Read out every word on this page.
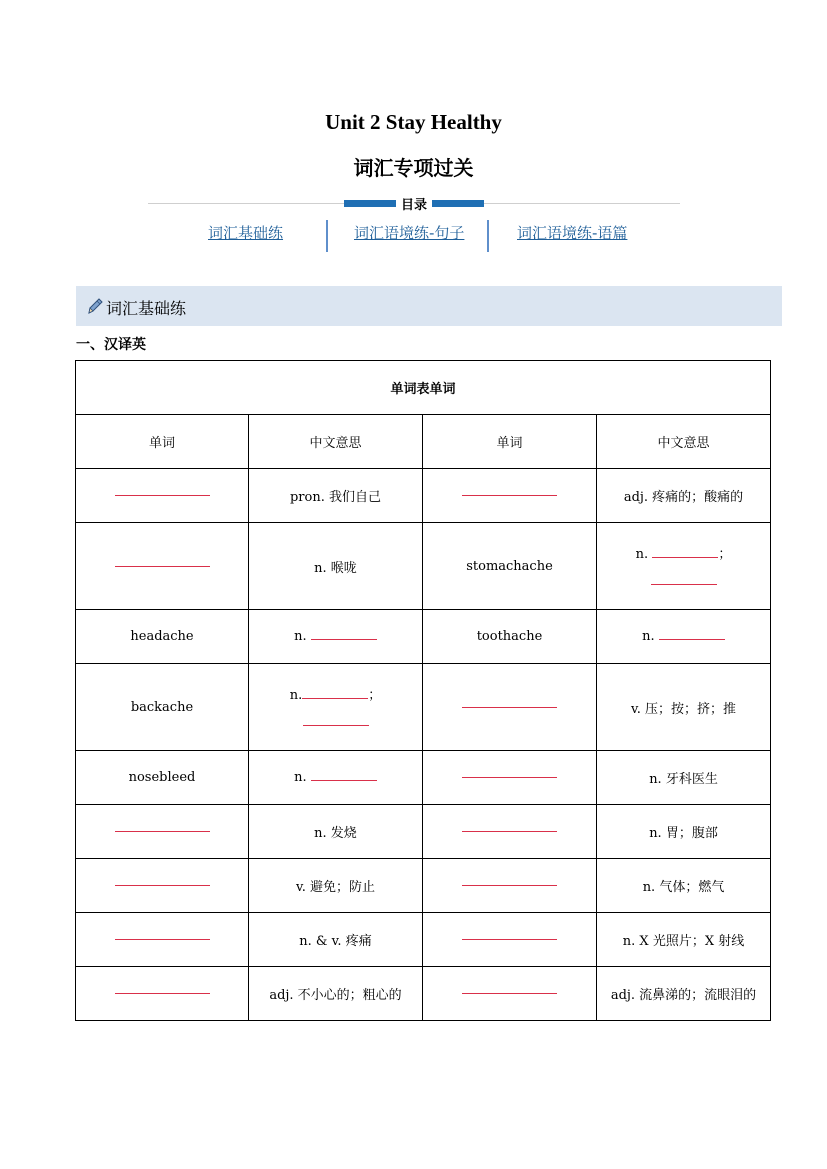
Unit 2 Stay Healthy
词汇专项过关
目录
词汇基础练	词汇语境练-句子	词汇语境练-语篇
词汇基础练
一、汉译英
单词表单词			
单词	中文意思	单词	中文意思
	pron. 我们自己		adj. 疼痛的；酸痛的
	n. 喉咙	stomachache	n. ；

headache	n.	toothache	n.
backache	n. ；		v. 压；按；挤；推
nosebleed	n.		n. 牙科医生
	n. 发烧		n. 胃；腹部
	v. 避免；防止		n. 气体；燃气
	n. & v. 疼痛		n. X 光照片；X 射线
	adj. 不小心的；粗心的		adj. 流鼻涕的；流眼泪的
